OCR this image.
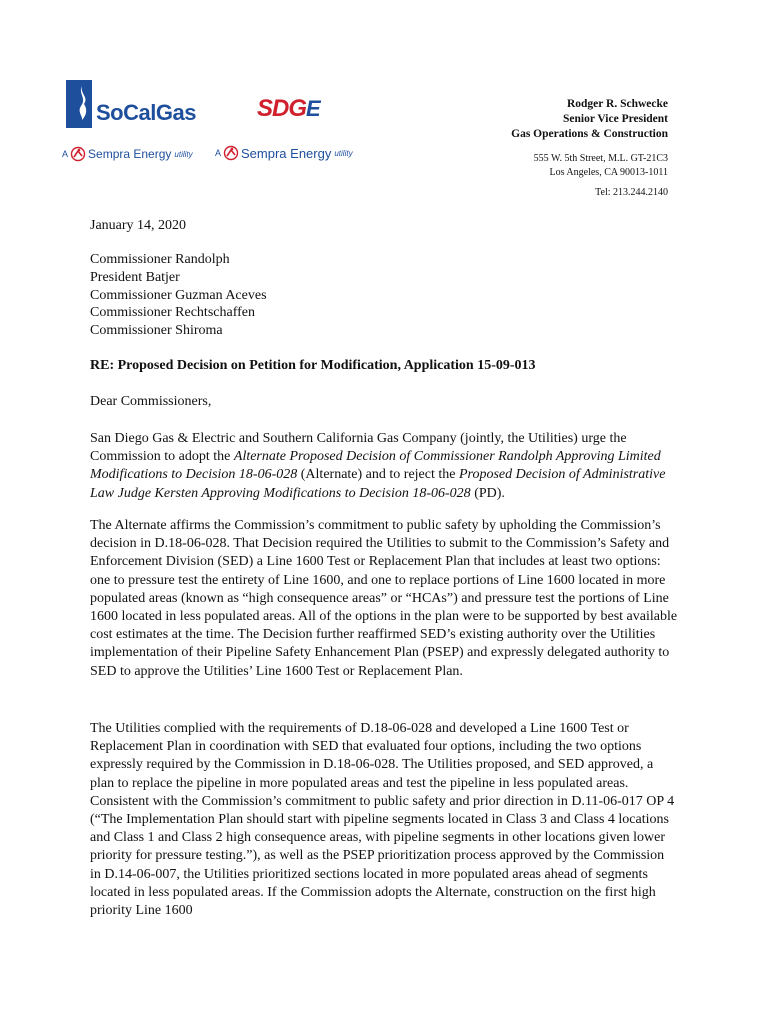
SoCalGas
A Sempra Energy utility
SDGE
A Sempra Energy utility
Rodger R. Schwecke
Senior Vice President
Gas Operations & Construction
555 W. 5th Street, M.L. GT-21C3
Los Angeles, CA 90013-1011
Tel: 213.244.2140
January 14, 2020
Commissioner Randolph
President Batjer
Commissioner Guzman Aceves
Commissioner Rechtschaffen
Commissioner Shiroma
RE: Proposed Decision on Petition for Modification, Application 15-09-013
Dear Commissioners,
San Diego Gas & Electric and Southern California Gas Company (jointly, the Utilities) urge the Commission to adopt the Alternate Proposed Decision of Commissioner Randolph Approving Limited Modifications to Decision 18-06-028 (Alternate) and to reject the Proposed Decision of Administrative Law Judge Kersten Approving Modifications to Decision 18-06-028 (PD).
The Alternate affirms the Commission’s commitment to public safety by upholding the Commission’s decision in D.18-06-028. That Decision required the Utilities to submit to the Commission’s Safety and Enforcement Division (SED) a Line 1600 Test or Replacement Plan that includes at least two options: one to pressure test the entirety of Line 1600, and one to replace portions of Line 1600 located in more populated areas (known as “high consequence areas” or “HCAs”) and pressure test the portions of Line 1600 located in less populated areas. All of the options in the plan were to be supported by best available cost estimates at the time. The Decision further reaffirmed SED’s existing authority over the Utilities implementation of their Pipeline Safety Enhancement Plan (PSEP) and expressly delegated authority to SED to approve the Utilities’ Line 1600 Test or Replacement Plan.
The Utilities complied with the requirements of D.18-06-028 and developed a Line 1600 Test or Replacement Plan in coordination with SED that evaluated four options, including the two options expressly required by the Commission in D.18-06-028. The Utilities proposed, and SED approved, a plan to replace the pipeline in more populated areas and test the pipeline in less populated areas. Consistent with the Commission’s commitment to public safety and prior direction in D.11-06-017 OP 4 (“The Implementation Plan should start with pipeline segments located in Class 3 and Class 4 locations and Class 1 and Class 2 high consequence areas, with pipeline segments in other locations given lower priority for pressure testing.”), as well as the PSEP prioritization process approved by the Commission in D.14-06-007, the Utilities prioritized sections located in more populated areas ahead of segments located in less populated areas. If the Commission adopts the Alternate, construction on the first high priority Line 1600
